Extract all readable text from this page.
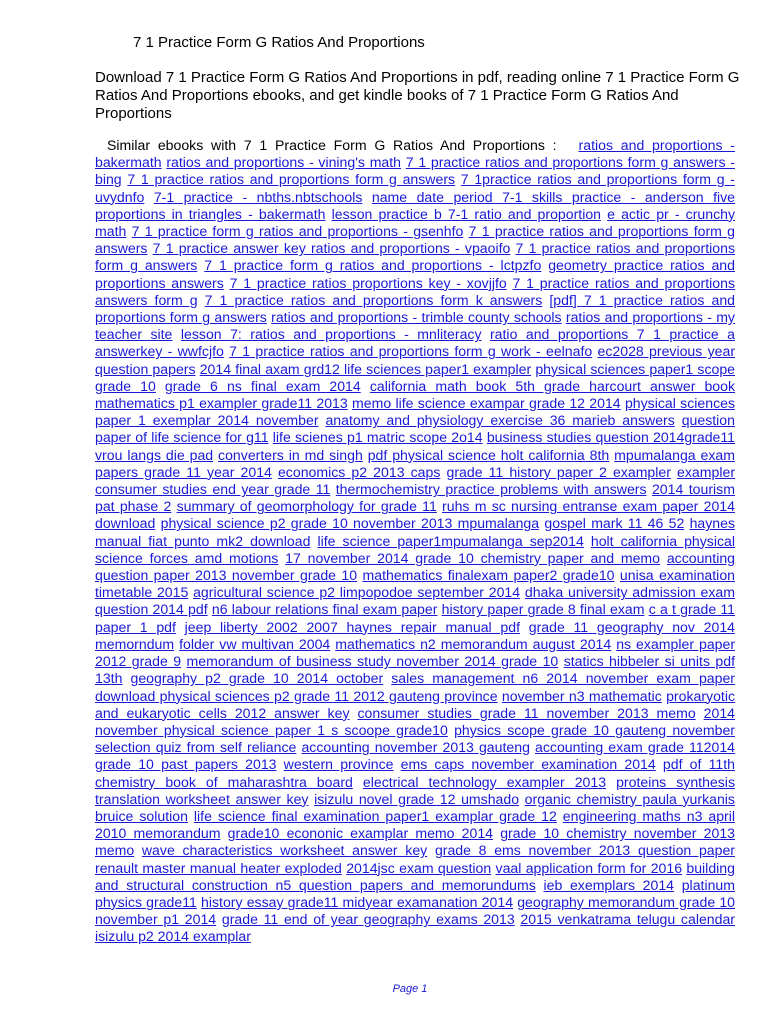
7 1 Practice Form G Ratios And Proportions

Download 7 1 Practice Form G Ratios And Proportions in pdf, reading online 7 1 Practice Form G Ratios And Proportions ebooks, and get kindle books of 7 1 Practice Form G Ratios And Proportions

Similar ebooks with 7 1 Practice Form G Ratios And Proportions : ratios and proportions - bakermath ratios and proportions - vining's math 7 1 practice ratios and proportions form g answers - bing 7 1 practice ratios and proportions form g answers 7 1practice ratios and proportions form g - uvydnfo 7-1 practice - nbths.nbtschools name date period 7-1 skills practice - anderson five proportions in triangles - bakermath lesson practice b 7-1 ratio and proportion e actic pr - crunchy math 7 1 practice form g ratios and proportions - gsenhfo 7 1 practice ratios and proportions form g answers 7 1 practice answer key ratios and proportions - vpaoifo 7 1 practice ratios and proportions form g answers 7 1 practice form g ratios and proportions - lctpzfo geometry practice ratios and proportions answers 7 1 practice ratios proportions key - xovjjfo 7 1 practice ratios and proportions answers form g 7 1 practice ratios and proportions form k answers [pdf] 7 1 practice ratios and proportions form g answers ratios and proportions - trimble county schools ratios and proportions - my teacher site lesson 7: ratios and proportions - mnliteracy ratio and proportions 7 1 practice a answerkey - wwfcjfo 7 1 practice ratios and proportions form g work - eelnafo ec2028 previous year question papers 2014 final axam grd12 life sciences paper1 exampler physical sciences paper1 scope grade 10 grade 6 ns final exam 2014 california math book 5th grade harcourt answer book mathematics p1 exampler grade11 2013 memo life science exampar grade 12 2014 physical sciences paper 1 exemplar 2014 november anatomy and physiology exercise 36 marieb answers question paper of life science for g11 life scienes p1 matric scope 2o14 business studies question 2014grade11 vrou langs die pad converters in md singh pdf physical science holt california 8th mpumalanga exam papers grade 11 year 2014 economics p2 2013 caps grade 11 history paper 2 exampler exampler consumer studies end year grade 11 thermochemistry practice problems with answers 2014 tourism pat phase 2 summary of geomorphology for grade 11 ruhs m sc nursing entranse exam paper 2014 download physical science p2 grade 10 november 2013 mpumalanga gospel mark 11 46 52 haynes manual fiat punto mk2 download life science paper1mpumalanga sep2014 holt california physical science forces amd motions 17 november 2014 grade 10 chemistry paper and memo accounting question paper 2013 november grade 10 mathematics finalexam paper2 grade10 unisa examination timetable 2015 agricultural science p2 limpopodoe september 2014 dhaka university admission exam question 2014 pdf n6 labour relations final exam paper history paper grade 8 final exam c a t grade 11 paper 1 pdf jeep liberty 2002 2007 haynes repair manual pdf grade 11 geography nov 2014 memorndum folder vw multivan 2004 mathematics n2 memorandum august 2014 ns exampler paper 2012 grade 9 memorandum of business study november 2014 grade 10 statics hibbeler si units pdf 13th geography p2 grade 10 2014 october sales management n6 2014 november exam paper download physical sciences p2 grade 11 2012 gauteng province november n3 mathematic prokaryotic and eukaryotic cells 2012 answer key consumer studies grade 11 november 2013 memo 2014 november physical science paper 1 s scoope grade10 physics scope grade 10 gauteng november selection quiz from self reliance accounting november 2013 gauteng accounting exam grade 112014 grade 10 past papers 2013 western province ems caps november examination 2014 pdf of 11th chemistry book of maharashtra board electrical technology exampler 2013 proteins synthesis translation worksheet answer key isizulu novel grade 12 umshado organic chemistry paula yurkanis bruice solution life science final examination paper1 examplar grade 12 engineering maths n3 april 2010 memorandum grade10 econonic examplar memo 2014 grade 10 chemistry november 2013 memo wave characteristics worksheet answer key grade 8 ems november 2013 question paper renault master manual heater exploded 2014jsc exam question vaal application form for 2016 building and structural construction n5 question papers and memorundums ieb exemplars 2014 platinum physics grade11 history essay grade11 midyear examanation 2014 geography memorandum grade 10 november p1 2014 grade 11 end of year geography exams 2013 2015 venkatrama telugu calendar isizulu p2 2014 examplar
Page 1
